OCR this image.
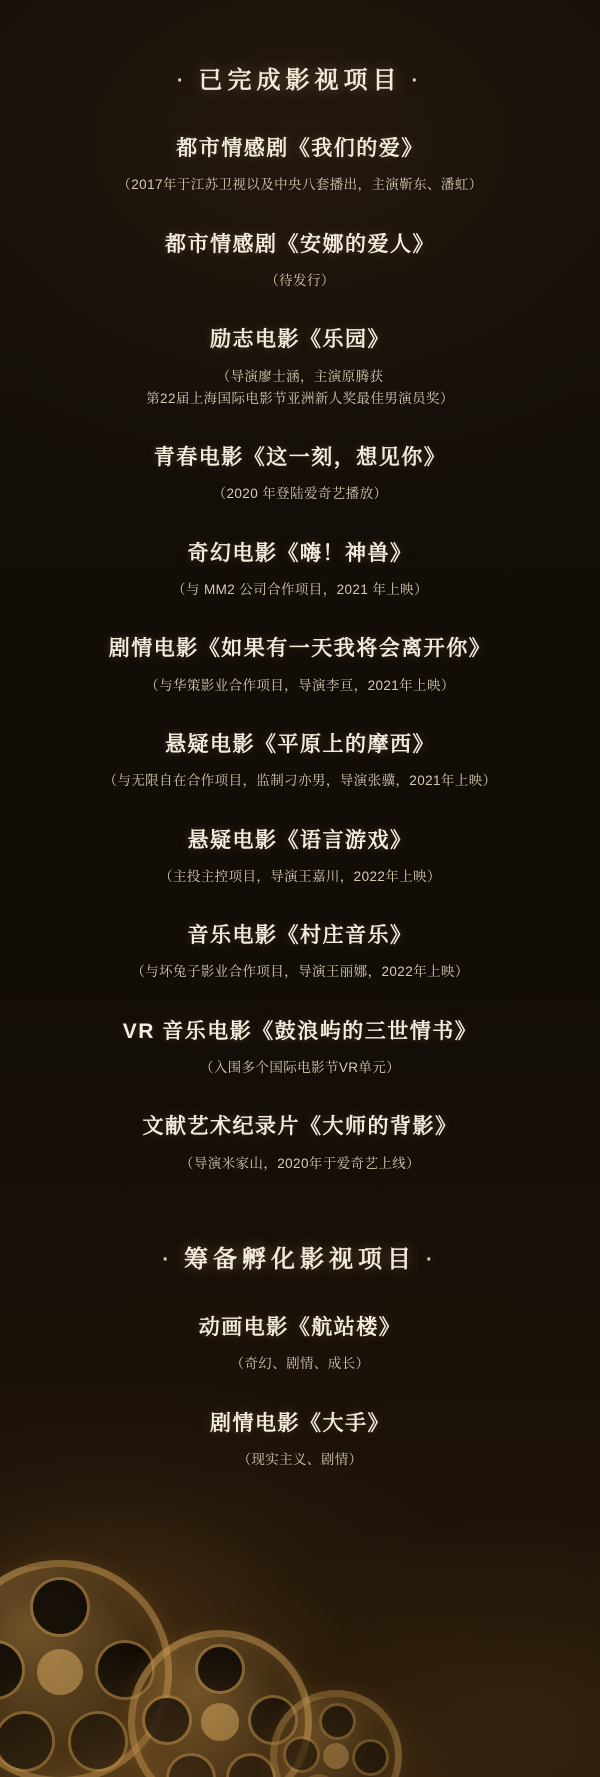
· 已完成影视项目 ·
都市情感剧《我们的爱》
（2017年于江苏卫视以及中央八套播出，主演靳东、潘虹）
都市情感剧《安娜的爱人》
（待发行）
励志电影《乐园》
（导演廖士涵，主演原腾获
第22届上海国际电影节亚洲新人奖最佳男演员奖）
青春电影《这一刻，想见你》
（2020 年登陆爱奇艺播放）
奇幻电影《嗨！神兽》
（与 MM2 公司合作项目，2021 年上映）
剧情电影《如果有一天我将会离开你》
（与华策影业合作项目，导演李亘，2021年上映）
悬疑电影《平原上的摩西》
（与无限自在合作项目，监制刁亦男，导演张骥，2021年上映）
悬疑电影《语言游戏》
（主投主控项目，导演王嘉川，2022年上映）
音乐电影《村庄音乐》
（与坏兔子影业合作项目，导演王丽娜，2022年上映）
VR 音乐电影《鼓浪屿的三世情书》
（入围多个国际电影节VR单元）
文献艺术纪录片《大师的背影》
（导演米家山，2020年于爱奇艺上线）
· 筹备孵化影视项目 ·
动画电影《航站楼》
（奇幻、剧情、成长）
剧情电影《大手》
（现实主义、剧情）
